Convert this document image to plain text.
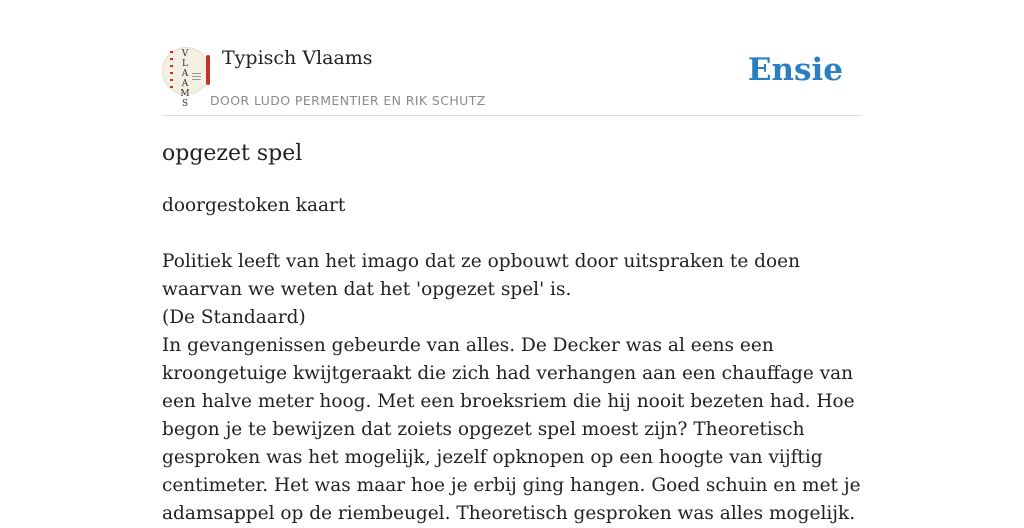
V
L
A
A
M
S
Typisch Vlaams
DOOR LUDO PERMENTIER EN RIK SCHUTZ
Ensie
opgezet spel

doorgestoken kaart

Politiek leeft van het imago dat ze opbouwt door uitspraken te doen waarvan we weten dat het 'opgezet spel' is.

(De Standaard)

In gevangenissen gebeurde van alles. De Decker was al eens een kroongetuige kwijtgeraakt die zich had verhangen aan een chauffage van een halve meter hoog. Met een broeksriem die hij nooit bezeten had. Hoe begon je te bewijzen dat zoiets opgezet spel moest zijn? Theoretisch gesproken was het mogelijk, jezelf opknopen op een hoogte van vijftig centimeter. Het was maar hoe je erbij ging hangen. Goed schuin en met je adamsappel op de riembeugel. Theoretisch gesproken was alles mogelijk.
